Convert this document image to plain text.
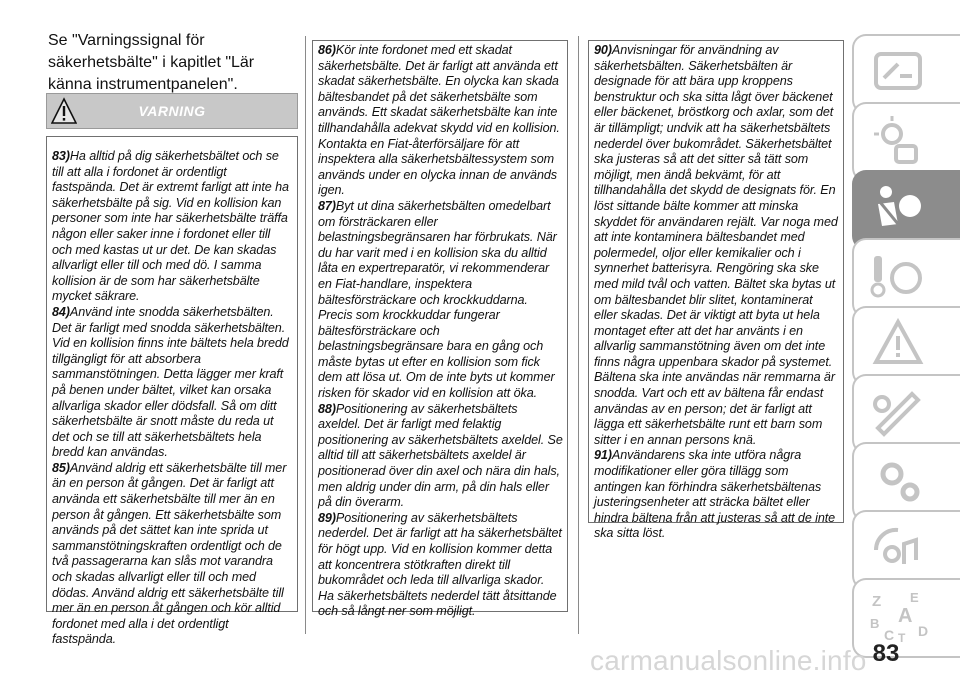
Se "Varningssignal för säkerhetsbälte" i kapitlet "Lär känna instrumentpanelen".
VARNING

83)Ha alltid på dig säkerhetsbältet och se till att alla i fordonet är ordentligt fastspända. Det är extremt farligt att inte ha säkerhetsbälte på sig. Vid en kollision kan personer som inte har säkerhetsbälte träffa någon eller saker inne i fordonet eller till och med kastas ut ur det. De kan skadas allvarligt eller till och med dö. I samma kollision är de som har säkerhetsbälte mycket säkrare.

84)Använd inte snodda säkerhetsbälten. Det är farligt med snodda säkerhetsbälten. Vid en kollision finns inte bältets hela bredd tillgängligt för att absorbera sammanstötningen. Detta lägger mer kraft på benen under bältet, vilket kan orsaka allvarliga skador eller dödsfall. Så om ditt säkerhetsbälte är snott måste du reda ut det och se till att säkerhetsbältets hela bredd kan användas.

85)Använd aldrig ett säkerhetsbälte till mer än en person åt gången. Det är farligt att använda ett säkerhetsbälte till mer än en person åt gången. Ett säkerhetsbälte som används på det sättet kan inte sprida ut sammanstötningskraften ordentligt och de två passagerarna kan slås mot varandra och skadas allvarligt eller till och med dödas. Använd aldrig ett säkerhetsbälte till mer än en person åt gången och kör alltid fordonet med alla i det ordentligt fastspända.

86)Kör inte fordonet med ett skadat säkerhetsbälte. Det är farligt att använda ett skadat säkerhetsbälte. En olycka kan skada bältesbandet på det säkerhetsbälte som används. Ett skadat säkerhetsbälte kan inte tillhandahålla adekvat skydd vid en kollision. Kontakta en Fiat-återförsäljare för att inspektera alla säkerhetsbältessystem som används under en olycka innan de används igen.

87)Byt ut dina säkerhetsbälten omedelbart om försträckaren eller belastningsbegränsaren har förbrukats. När du har varit med i en kollision ska du alltid låta en expertreparatör, vi rekommenderar en Fiat-handlare, inspektera bältesförsträckare och krockkuddarna. Precis som krockkuddar fungerar bältesförsträckare och belastningsbegränsare bara en gång och måste bytas ut efter en kollision som fick dem att lösa ut. Om de inte byts ut kommer risken för skador vid en kollision att öka.

88)Positionering av säkerhetsbältets axeldel. Det är farligt med felaktig positionering av säkerhetsbältets axeldel. Se alltid till att säkerhetsbältets axeldel är positionerad över din axel och nära din hals, men aldrig under din arm, på din hals eller på din överarm.

89)Positionering av säkerhetsbältets nederdel. Det är farligt att ha säkerhetsbältet för högt upp. Vid en kollision kommer detta att koncentrera stötkraften direkt till bukområdet och leda till allvarliga skador. Ha säkerhetsbältets nederdel tätt åtsittande och så långt ner som möjligt.

90)Anvisningar för användning av säkerhetsbälten. Säkerhetsbälten är designade för att bära upp kroppens benstruktur och ska sitta lågt över bäckenet eller bäckenet, bröstkorg och axlar, som det är tillämpligt; undvik att ha säkerhetsbältets nederdel över bukområdet. Säkerhetsbältet ska justeras så att det sitter så tätt som möjligt, men ändå bekvämt, för att tillhandahålla det skydd de designats för. En löst sittande bälte kommer att minska skyddet för användaren rejält. Var noga med att inte kontaminera bältesbandet med polermedel, oljor eller kemikalier och i synnerhet batterisyra. Rengöring ska ske med mild tvål och vatten. Bältet ska bytas ut om bältesbandet blir slitet, kontaminerat eller skadas. Det är viktigt att byta ut hela montaget efter att det har använts i en allvarlig sammanstötning även om det inte finns några uppenbara skador på systemet. Bältena ska inte användas när remmarna är snodda. Vart och ett av bältena får endast användas av en person; det är farligt att lägga ett säkerhetsbälte runt ett barn som sitter i en annan persons knä.

91)Användarens ska inte utföra några modifikationer eller göra tillägg som antingen kan förhindra säkerhetsbältenas justeringsenheter att sträcka bältet eller hindra bältena från att justeras så att de inte ska sitta löst.

Z E
A
B
C T D
83
carmanualsonline.info
